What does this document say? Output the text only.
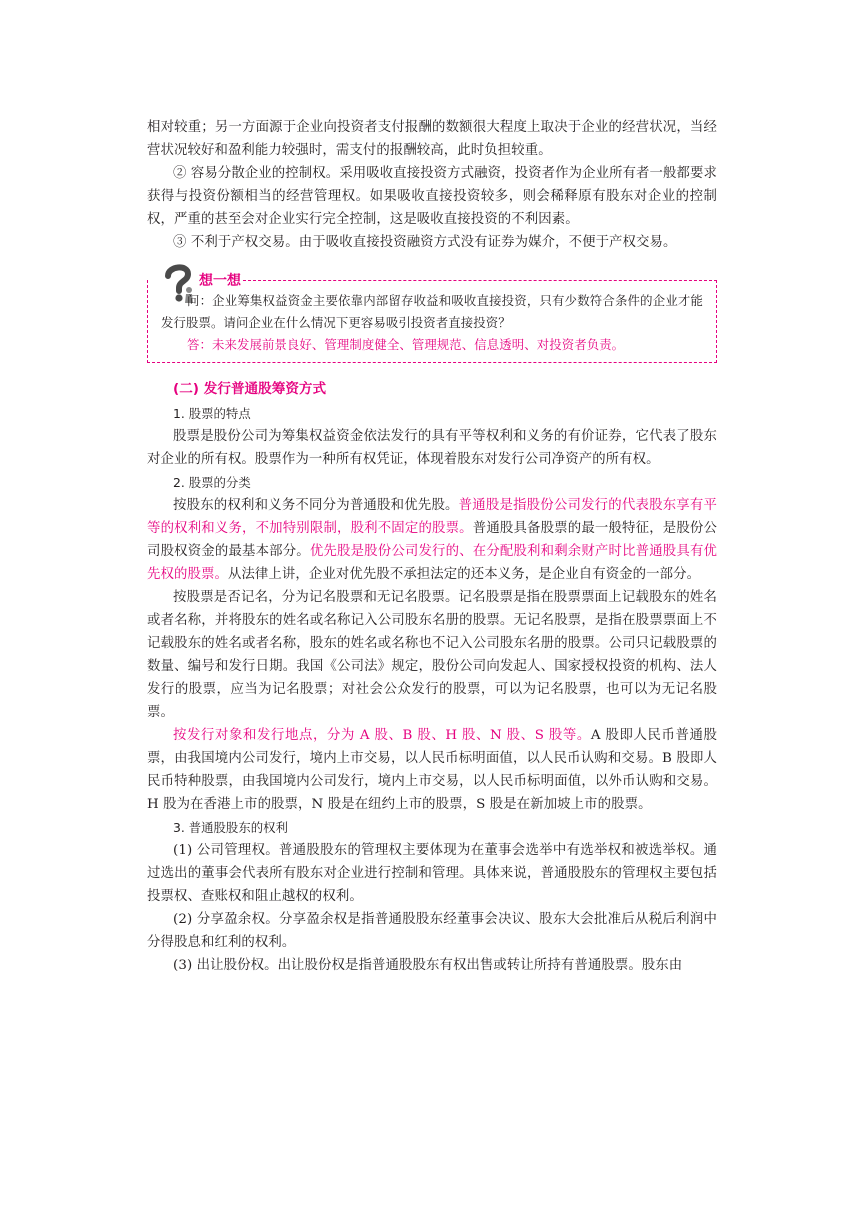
相对较重；另一方面源于企业向投资者支付报酬的数额很大程度上取决于企业的经营状况，当经营状况较好和盈利能力较强时，需支付的报酬较高，此时负担较重。

② 容易分散企业的控制权。采用吸收直接投资方式融资，投资者作为企业所有者一般都要求获得与投资份额相当的经营管理权。如果吸收直接投资较多，则会稀释原有股东对企业的控制权，严重的甚至会对企业实行完全控制，这是吸收直接投资的不利因素。

③ 不利于产权交易。由于吸收直接投资融资方式没有证券为媒介，不便于产权交易。

想一想

问：企业筹集权益资金主要依靠内部留存收益和吸收直接投资，只有少数符合条件的企业才能发行股票。请问企业在什么情况下更容易吸引投资者直接投资？

答：未来发展前景良好、管理制度健全、管理规范、信息透明、对投资者负责。

(二) 发行普通股筹资方式
1. 股票的特点

股票是股份公司为筹集权益资金依法发行的具有平等权利和义务的有价证券，它代表了股东对企业的所有权。股票作为一种所有权凭证，体现着股东对发行公司净资产的所有权。

2. 股票的分类

按股东的权利和义务不同分为普通股和优先股。普通股是指股份公司发行的代表股东享有平等的权利和义务，不加特别限制，股利不固定的股票。普通股具备股票的最一般特征，是股份公司股权资金的最基本部分。优先股是股份公司发行的、在分配股利和剩余财产时比普通股具有优先权的股票。从法律上讲，企业对优先股不承担法定的还本义务，是企业自有资金的一部分。

按股票是否记名，分为记名股票和无记名股票。记名股票是指在股票票面上记载股东的姓名或者名称，并将股东的姓名或名称记入公司股东名册的股票。无记名股票，是指在股票票面上不记载股东的姓名或者名称，股东的姓名或名称也不记入公司股东名册的股票。公司只记载股票的数量、编号和发行日期。我国《公司法》规定，股份公司向发起人、国家授权投资的机构、法人发行的股票，应当为记名股票；对社会公众发行的股票，可以为记名股票，也可以为无记名股票。

按发行对象和发行地点，分为 A 股、B 股、H 股、N 股、S 股等。A 股即人民币普通股票，由我国境内公司发行，境内上市交易，以人民币标明面值，以人民币认购和交易。B 股即人民币特种股票，由我国境内公司发行，境内上市交易，以人民币标明面值，以外币认购和交易。H 股为在香港上市的股票，N 股是在纽约上市的股票，S 股是在新加坡上市的股票。

3. 普通股股东的权利

(1) 公司管理权。普通股股东的管理权主要体现为在董事会选举中有选举权和被选举权。通过选出的董事会代表所有股东对企业进行控制和管理。具体来说，普通股股东的管理权主要包括投票权、查账权和阻止越权的权利。

(2) 分享盈余权。分享盈余权是指普通股股东经董事会决议、股东大会批准后从税后利润中分得股息和红利的权利。

(3) 出让股份权。出让股份权是指普通股股东有权出售或转让所持有普通股票。股东由
